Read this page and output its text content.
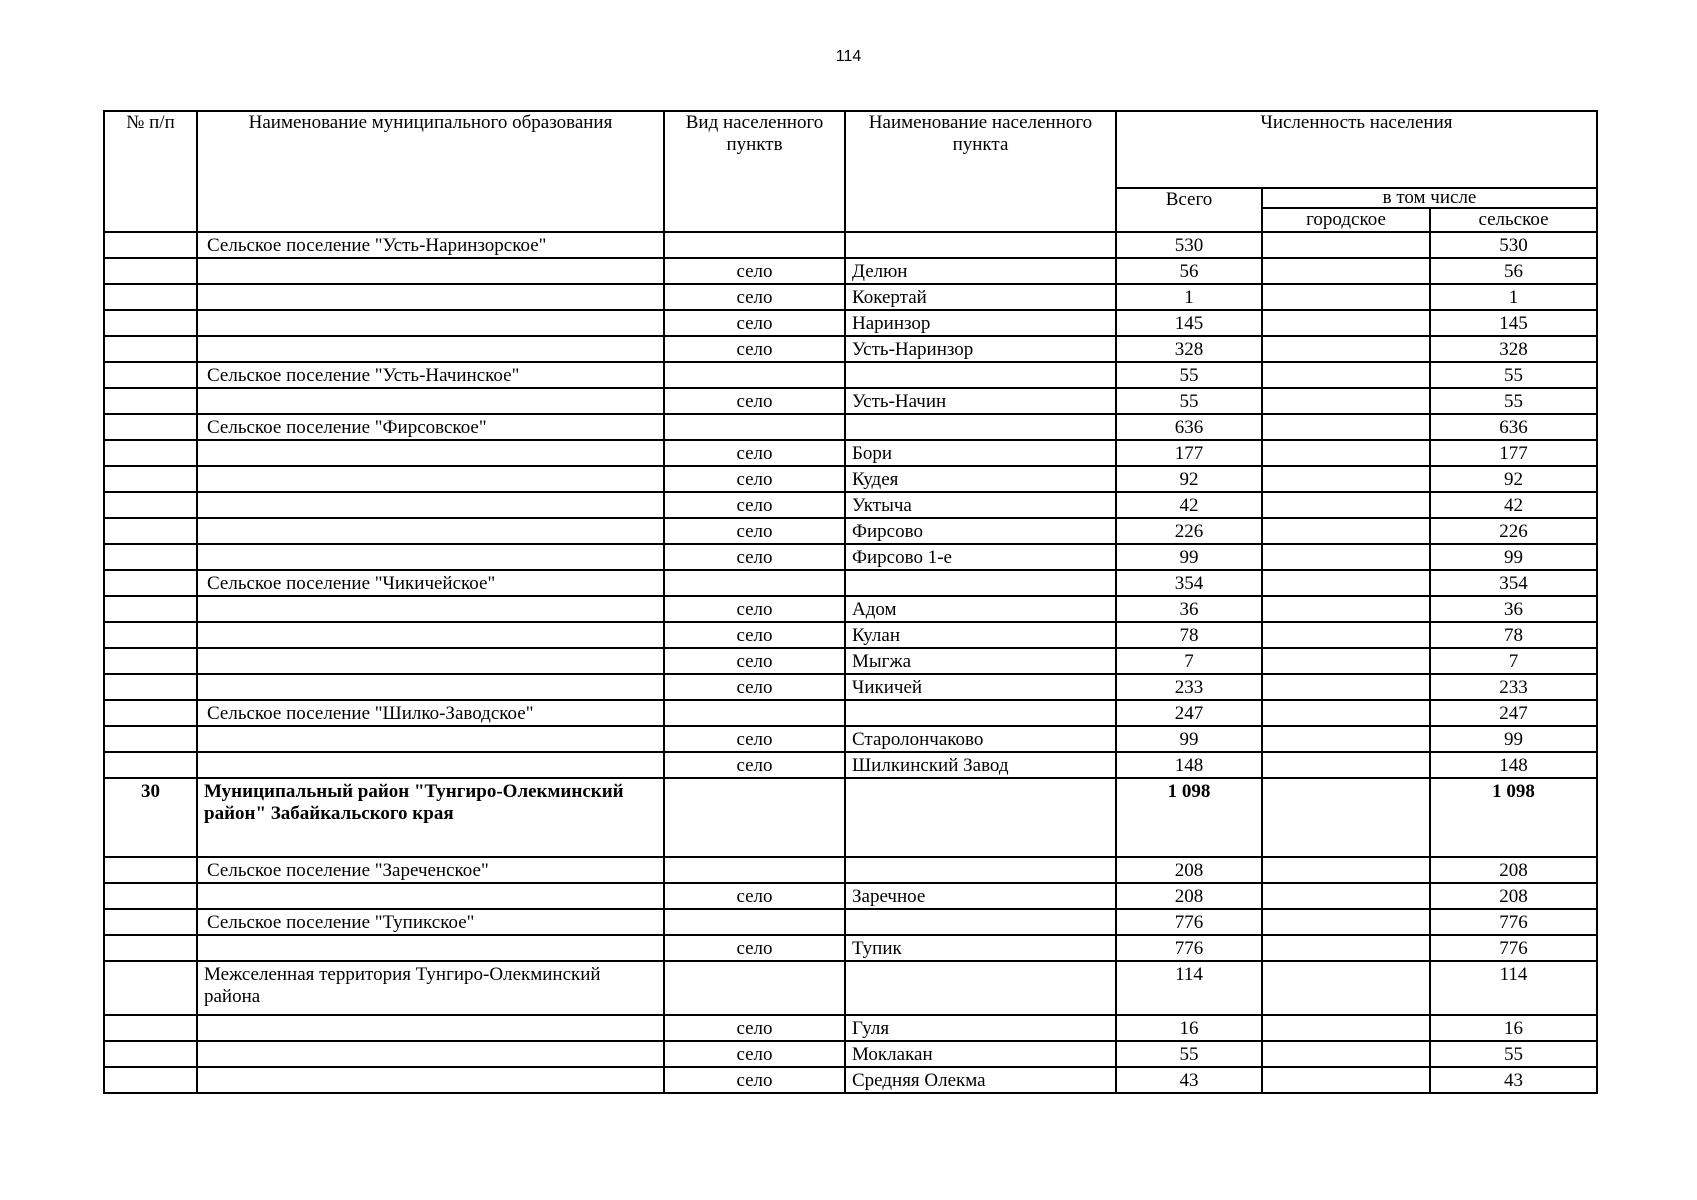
114
№ п/п	Наименование муниципального образования	Вид населенного пунктв	Наименование населенного пункта	Численность населения		
				Всего	в том числе	
					городское	сельское
	Сельское поселение "Усть-Наринзорское"			530		530
		село	Делюн	56		56
		село	Кокертай	1		1
		село	Наринзор	145		145
		село	Усть-Наринзор	328		328
	Сельское поселение "Усть-Начинское"			55		55
		село	Усть-Начин	55		55
	Сельское поселение "Фирсовское"			636		636
		село	Бори	177		177
		село	Кудея	92		92
		село	Уктыча	42		42
		село	Фирсово	226		226
		село	Фирсово 1-е	99		99
	Сельское поселение "Чикичейское"			354		354
		село	Адом	36		36
		село	Кулан	78		78
		село	Мыгжа	7		7
		село	Чикичей	233		233
	Сельское поселение "Шилко-Заводское"			247		247
		село	Старолончаково	99		99
		село	Шилкинский Завод	148		148
30	Муниципальный район "Тунгиро-Олекминский район" Забайкальского края			1 098		1 098
	Сельское поселение "Зареченское"			208		208
		село	Заречное	208		208
	Сельское поселение "Тупикское"			776		776
		село	Тупик	776		776
	Межселенная территория Тунгиро-Олекминский района			114		114
		село	Гуля	16		16
		село	Моклакан	55		55
		село	Средняя Олекма	43		43
